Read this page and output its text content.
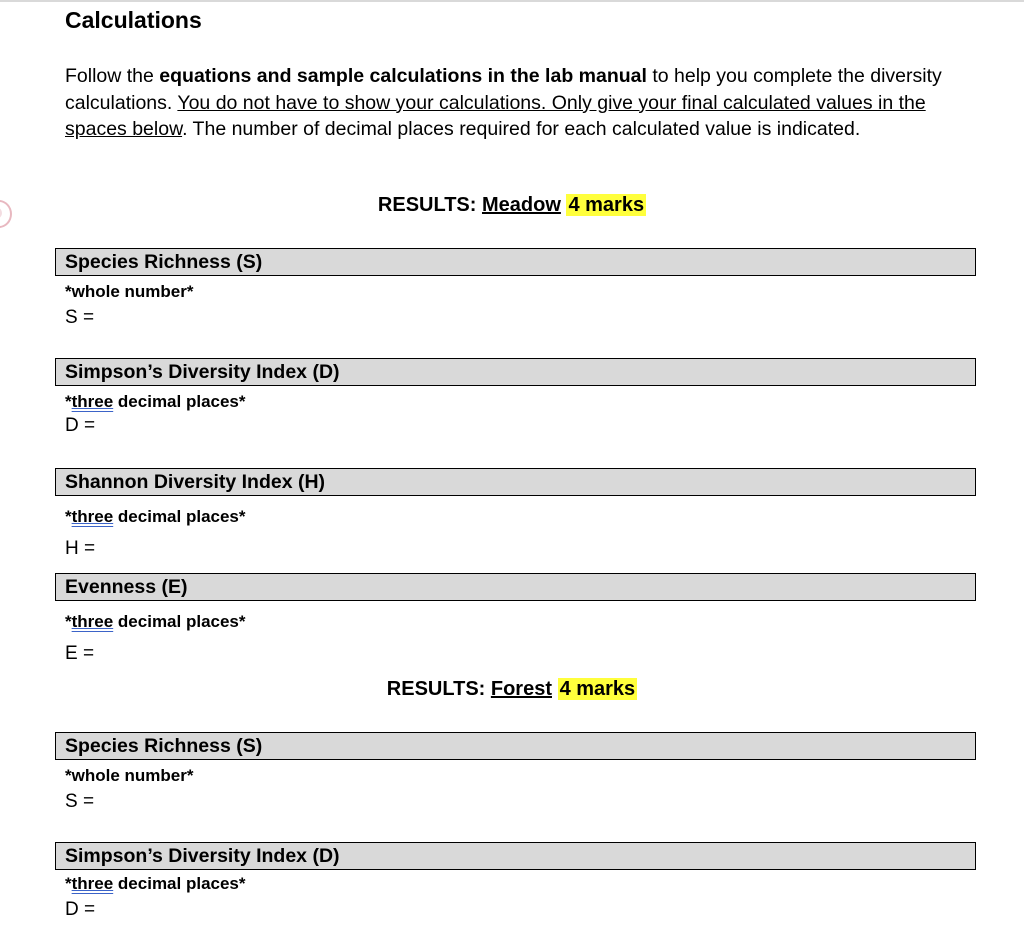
Calculations

Follow the equations and sample calculations in the lab manual to help you complete the diversity calculations. You do not have to show your calculations. Only give your final calculated values in the spaces below. The number of decimal places required for each calculated value is indicated.

RESULTS: Meadow 4 marks

Species Richness (S)
*whole number*
S =
Simpson’s Diversity Index (D)
*three decimal places*
D =
Shannon Diversity Index (H)
*three decimal places*
H =
Evenness (E)
*three decimal places*
E =

RESULTS: Forest 4 marks

Species Richness (S)
*whole number*
S =
Simpson’s Diversity Index (D)
*three decimal places*
D =
